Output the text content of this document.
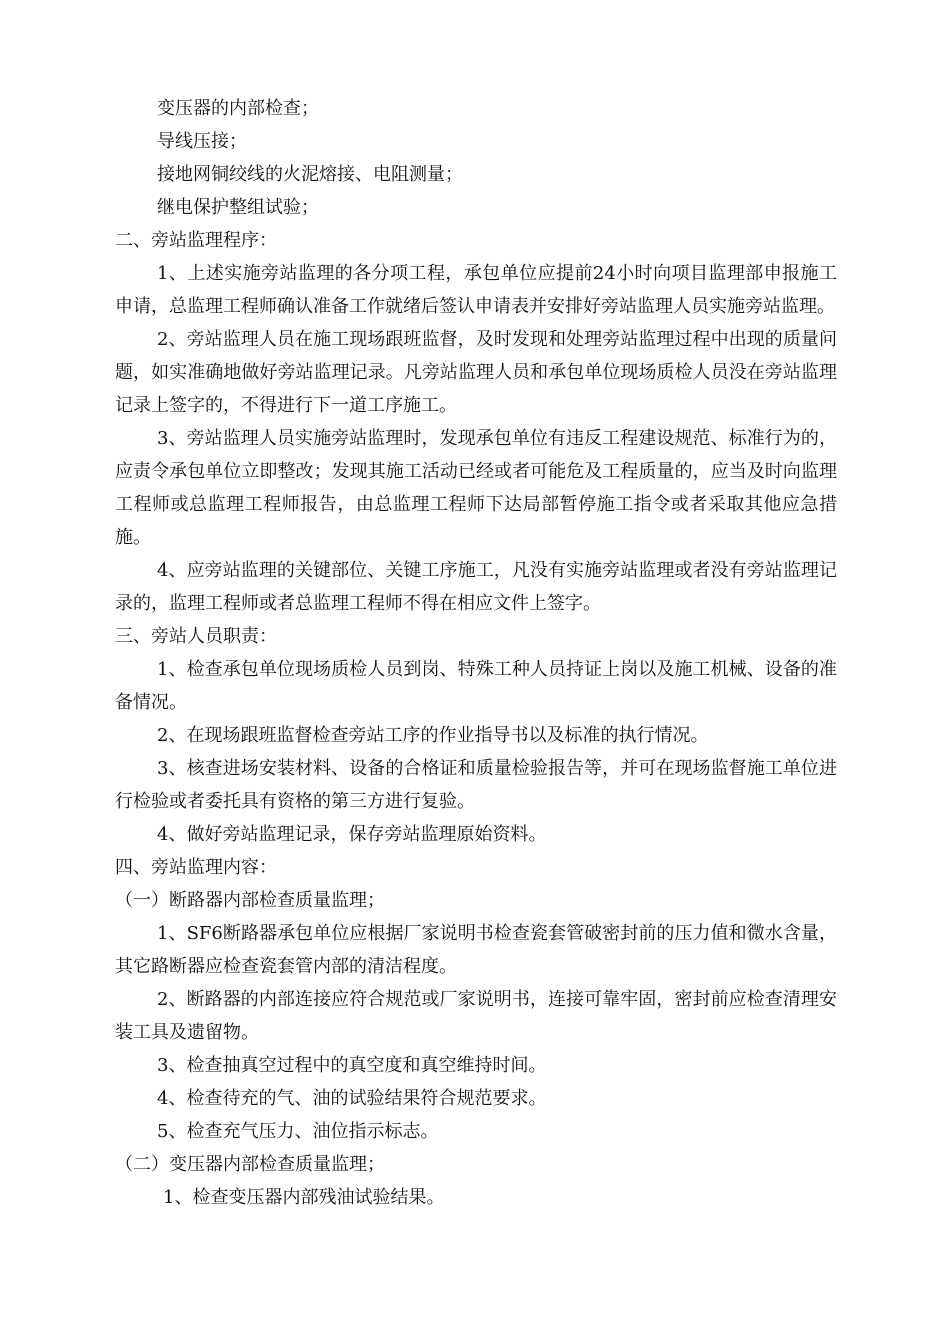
变压器的内部检查；

导线压接；

接地网铜绞线的火泥熔接、电阻测量；

继电保护整组试验；

二、旁站监理程序：

1、上述实施旁站监理的各分项工程，承包单位应提前24小时向项目监理部申报施工申请，总监理工程师确认准备工作就绪后签认申请表并安排好旁站监理人员实施旁站监理。

2、旁站监理人员在施工现场跟班监督，及时发现和处理旁站监理过程中出现的质量问题，如实准确地做好旁站监理记录。凡旁站监理人员和承包单位现场质检人员没在旁站监理记录上签字的，不得进行下一道工序施工。

3、旁站监理人员实施旁站监理时，发现承包单位有违反工程建设规范、标准行为的，应责令承包单位立即整改；发现其施工活动已经或者可能危及工程质量的，应当及时向监理工程师或总监理工程师报告，由总监理工程师下达局部暂停施工指令或者采取其他应急措施。

4、应旁站监理的关键部位、关键工序施工，凡没有实施旁站监理或者没有旁站监理记录的，监理工程师或者总监理工程师不得在相应文件上签字。

三、旁站人员职责：

1、检查承包单位现场质检人员到岗、特殊工种人员持证上岗以及施工机械、设备的准备情况。

2、在现场跟班监督检查旁站工序的作业指导书以及标准的执行情况。

3、核查进场安装材料、设备的合格证和质量检验报告等，并可在现场监督施工单位进行检验或者委托具有资格的第三方进行复验。

4、做好旁站监理记录，保存旁站监理原始资料。

四、旁站监理内容：

（一）断路器内部检查质量监理；

1、SF6断路器承包单位应根据厂家说明书检查瓷套管破密封前的压力值和微水含量，其它路断器应检查瓷套管内部的清洁程度。

2、断路器的内部连接应符合规范或厂家说明书，连接可靠牢固，密封前应检查清理安装工具及遗留物。

3、检查抽真空过程中的真空度和真空维持时间。

4、检查待充的气、油的试验结果符合规范要求。

5、检查充气压力、油位指示标志。

（二）变压器内部检查质量监理；

1、检查变压器内部残油试验结果。
